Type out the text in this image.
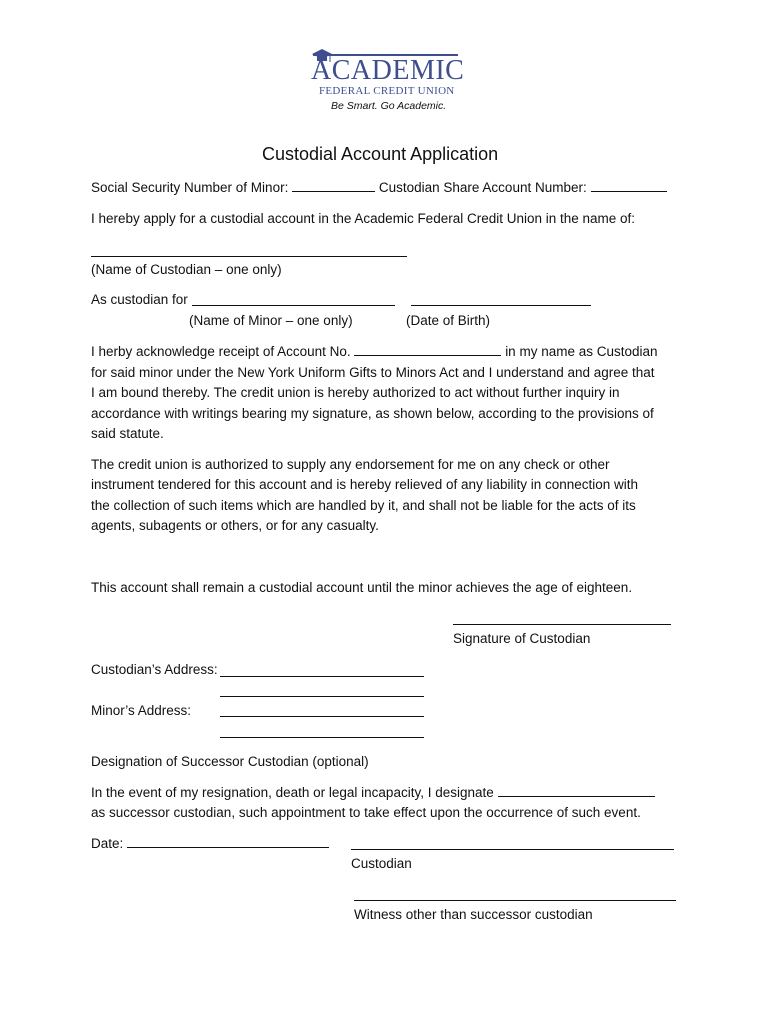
ACADEMIC
FEDERAL CREDIT UNION
Be Smart. Go Academic.
Custodial Account Application
Social Security Number of Minor:	Custodian Share Account Number:
I hereby apply for a custodial account in the Academic Federal Credit Union in the name of:
(Name of Custodian – one only)
As custodian for
(Name of Minor – one only)	(Date of Birth)
I herby acknowledge receipt of Account No.	in my name as Custodian
for said minor under the New York Uniform Gifts to Minors Act and I understand and agree that
I am bound thereby. The credit union is hereby authorized to act without further inquiry in
accordance with writings bearing my signature, as shown below, according to the provisions of
said statute.
The credit union is authorized to supply any endorsement for me on any check or other
instrument tendered for this account and is hereby relieved of any liability in connection with
the collection of such items which are handled by it, and shall not be liable for the acts of its
agents, subagents or others, or for any casualty.
This account shall remain a custodial account until the minor achieves the age of eighteen.
Signature of Custodian
Custodian’s Address:
Minor’s Address:
Designation of Successor Custodian (optional)
In the event of my resignation, death or legal incapacity, I designate
as successor custodian, such appointment to take effect upon the occurrence of such event.
Date:
Custodian
Witness other than successor custodian
